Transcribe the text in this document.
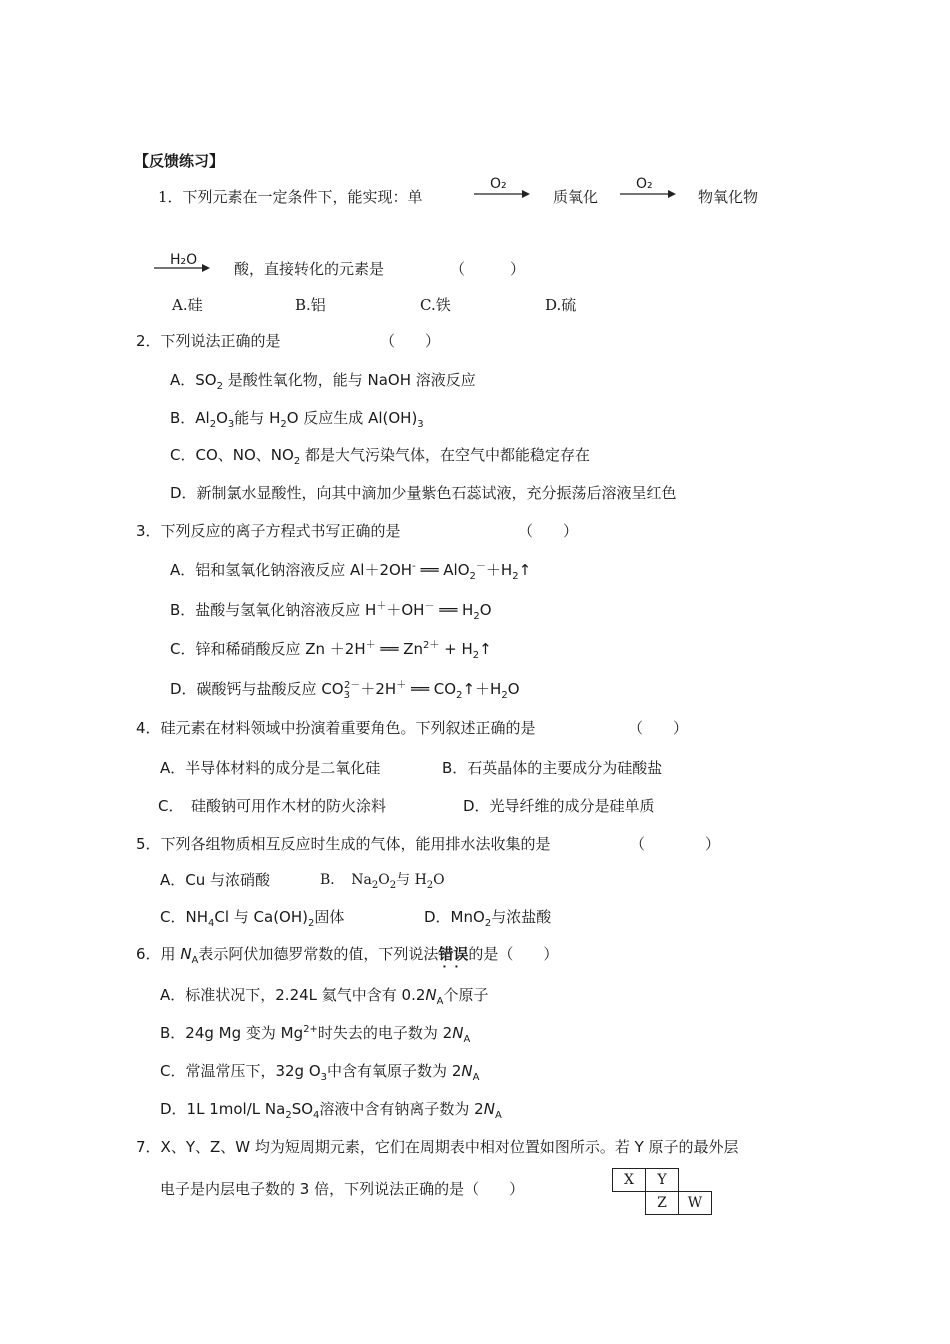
【反馈练习】
1．下列元素在一定条件下，能实现：单
O₂
质氧化
O₂
物氧化物
H₂O 酸，直接转化的元素是	（　　　）
A.硅	B.铝	C.铁	D.硫
2．下列说法正确的是	（　　）
A．$SO_2$ 是酸性氧化物，能与 NaOH 溶液反应
B．$Al_2O_3$能与 $H_2O$ 反应生成 $Al(OH)_3$
C．CO、NO、$NO_2$ 都是大气污染气体，在空气中都能稳定存在
D．新制氯水显酸性，向其中滴加少量紫色石蕊试液，充分振荡后溶液呈红色
3．下列反应的离子方程式书写正确的是	（　　）
A．铝和氢氧化钠溶液反应 Al＋2OH- ══ $AlO_2^-+H_2↑$
B．盐酸与氢氧化钠溶液反应 H＋＋OH－ ══ $H_2O$
C．锌和稀硝酸反应 Zn ＋2H＋ ══ $Zn^{2+}$ + $H_2↑$
D．碳酸钙与盐酸反应 $CO_3^{2-}+2H^+$ ══ $CO_2↑+H_2O$
4．硅元素在材料领域中扮演着重要角色。下列叙述正确的是	（　　）
A．半导体材料的成分是二氧化硅	B．石英晶体的主要成分为硅酸盐
C．　硅酸钠可用作木材的防火涂料	D．光导纤维的成分是硅单质
5．下列各组物质相互反应时生成的气体，能用排水法收集的是	（　　　　）
A．Cu 与浓硝酸	B．　$Na_2O_2$与 $H_2O$
C．$NH_4Cl$ 与 $Ca(OH)_2$固体	D．MnO$_2$与浓盐酸
6．用 $N_A$表示阿伏加德罗常数的值，下列说法错误 · ·的是（　　）
A．标准状况下，2.24L 氦气中含有 $0.2N_A$个原子
B．24g Mg 变为 $Mg^{2+}$时失去的电子数为 $2N_A$
C．常温常压下，32g $O_3$中含有氧原子数为 $2N_A$
D．1L 1mol/L $Na_2SO_4$溶液中含有钠离子数为 $2N_A$
7．X、Y、Z、W 均为短周期元素，它们在周期表中相对位置如图所示。若 Y 原子的最外层
电子是内层电子数的 3 倍，下列说法正确的是（　　）	X	Y	
	Z	W
